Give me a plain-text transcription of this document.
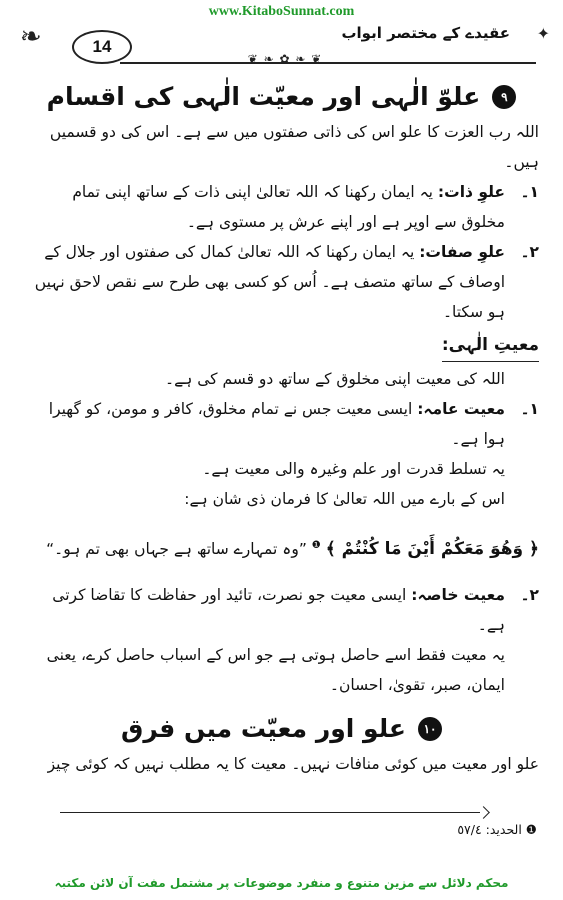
www.KitaboSunnat.com
❧	14
❦ ❧ ✿ ❧ ❦
عقیدے کے مختصر ابواب ✦
٩
علوّ الٰہی اور معیّت الٰہی کی اقسام

اللہ رب العزت کا علو اس کی ذاتی صفتوں میں سے ہے۔ اس کی دو قسمیں ہیں۔

۱۔
علوِ ذات: یہ ایمان رکھنا کہ اللہ تعالیٰ اپنی ذات کے ساتھ اپنی تمام مخلوق سے اوپر ہے اور اپنے عرش پر مستوی ہے۔
۲۔
علوِ صفات: یہ ایمان رکھنا کہ اللہ تعالیٰ کمال کی صفتوں اور جلال کے اوصاف کے ساتھ متصف ہے۔ اُس کو کسی بھی طرح سے نقص لاحق نہیں ہو سکتا۔
معیتِ الٰہی:

اللہ کی معیت اپنی مخلوق کے ساتھ دو قسم کی ہے۔

۱۔
معیت عامہ: ایسی معیت جس نے تمام مخلوق، کافر و مومن، کو گھیرا ہوا ہے۔

یہ تسلط قدرت اور علم وغیرہ والی معیت ہے۔

اس کے بارے میں اللہ تعالیٰ کا فرمان ذی شان ہے:

﴿ وَهُوَ مَعَكُمْ أَيْنَ مَا كُنْتُمْ ﴾ $^❶$ ”وہ تمہارے ساتھ ہے جہاں بھی تم ہو۔“

۲۔
معیت خاصہ: ایسی معیت جو نصرت، تائید اور حفاظت کا تقاضا کرتی ہے۔

یہ معیت فقط اسے حاصل ہوتی ہے جو اس کے اسباب حاصل کرے، یعنی ایمان، صبر، تقویٰ، احسان۔

١٠
علو اور معیّت میں فرق

علو اور معیت میں کوئی منافات نہیں۔ معیت کا یہ مطلب نہیں کہ کوئی چیز

❶ الحدید: ٥٧/٤
محکم دلائل سے مزین متنوع و منفرد موضوعات پر مشتمل مفت آن لائن مکتبہ
